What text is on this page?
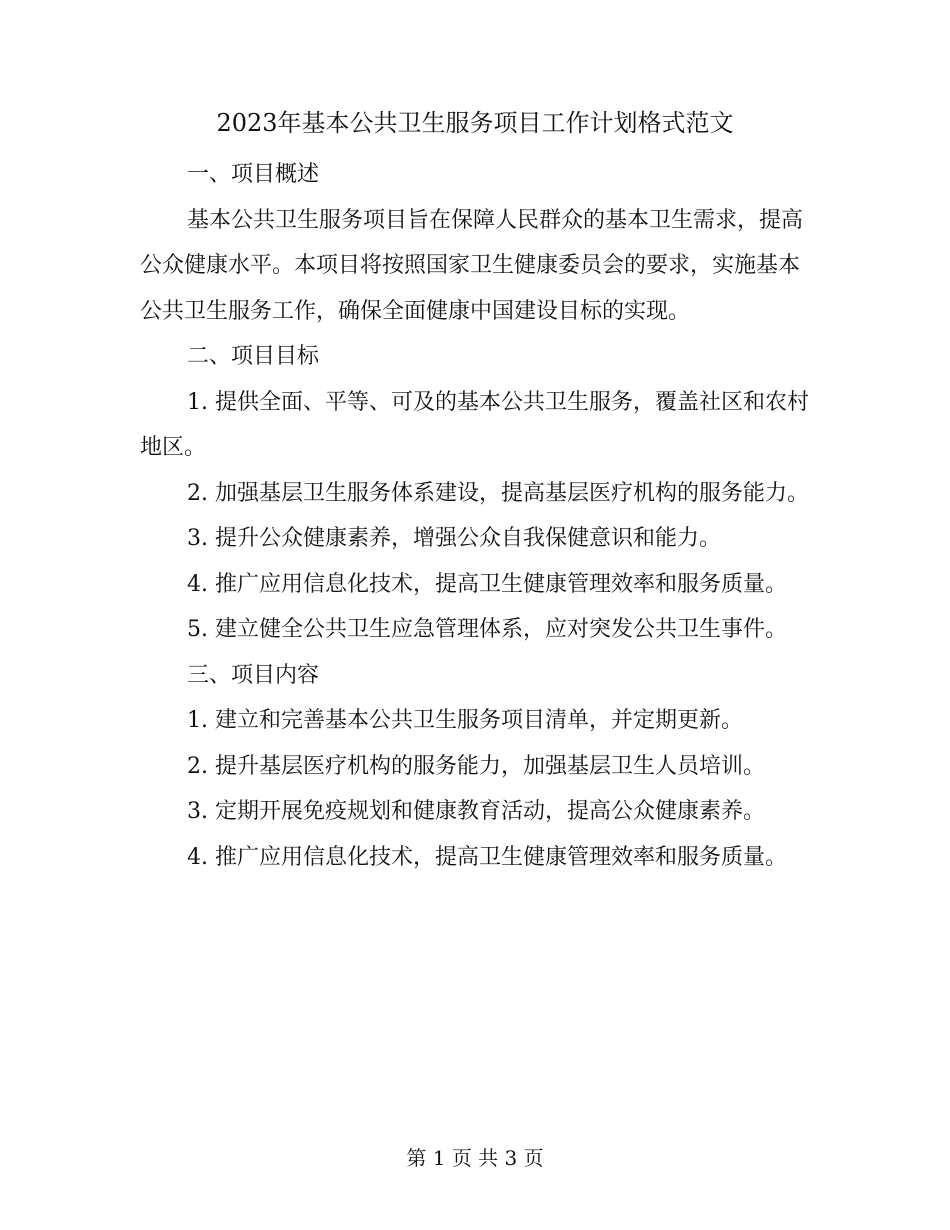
2023年基本公共卫生服务项目工作计划格式范文

一、项目概述

基本公共卫生服务项目旨在保障人民群众的基本卫生需求，提高公众健康水平。本项目将按照国家卫生健康委员会的要求，实施基本公共卫生服务工作，确保全面健康中国建设目标的实现。

二、项目目标

1. 提供全面、平等、可及的基本公共卫生服务，覆盖社区和农村地区。

2. 加强基层卫生服务体系建设，提高基层医疗机构的服务能力。

3. 提升公众健康素养，增强公众自我保健意识和能力。

4. 推广应用信息化技术，提高卫生健康管理效率和服务质量。

5. 建立健全公共卫生应急管理体系，应对突发公共卫生事件。

三、项目内容

1. 建立和完善基本公共卫生服务项目清单，并定期更新。

2. 提升基层医疗机构的服务能力，加强基层卫生人员培训。

3. 定期开展免疫规划和健康教育活动，提高公众健康素养。

4. 推广应用信息化技术，提高卫生健康管理效率和服务质量。

第 1 页 共 3 页
